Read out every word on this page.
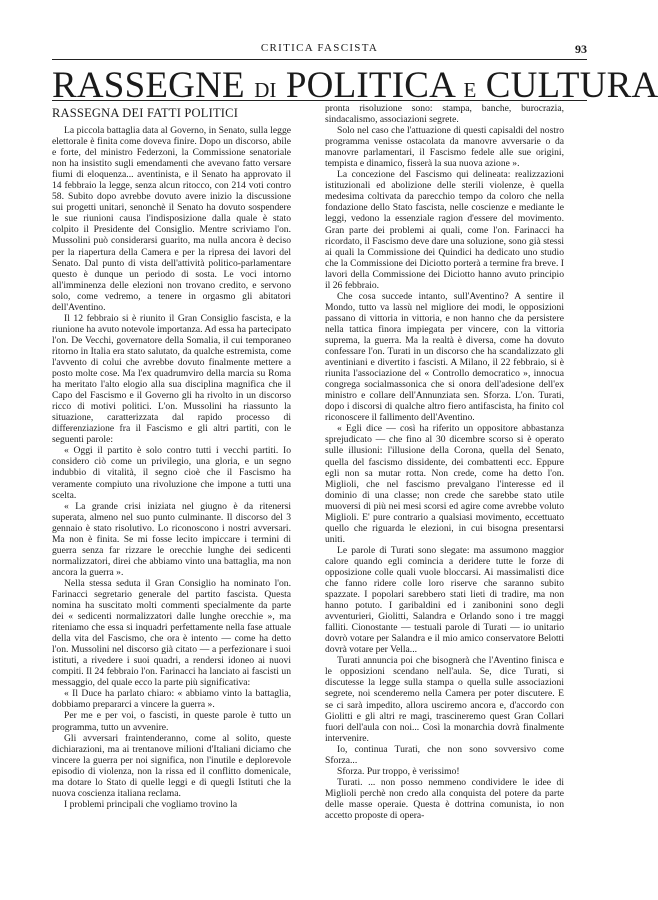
CRITICA FASCISTA	93
RASSEGNE DI POLITICA E CULTURA
RASSEGNA DEI FATTI POLITICI

La piccola battaglia data al Governo, in Senato, sulla legge elettorale è finita come doveva finire. Dopo un discorso, abile e forte, del ministro Federzoni, la Commissione senatoriale non ha insistito sugli emendamenti che avevano fatto versare fiumi di eloquenza... aventinista, e il Senato ha approvato il 14 febbraio la legge, senza alcun ritocco, con 214 voti contro 58. Subito dopo avrebbe dovuto avere inizio la discussione sui progetti unitari, senonchè il Senato ha dovuto sospendere le sue riunioni causa l'indisposizione dalla quale è stato colpito il Presidente del Consiglio. Mentre scriviamo l'on. Mussolini può considerarsi guarito, ma nulla ancora è deciso per la riapertura della Camera e per la ripresa dei lavori del Senato. Dal punto di vista dell'attività politico-parlamentare questo è dunque un periodo di sosta. Le voci intorno all'imminenza delle elezioni non trovano credito, e servono solo, come vedremo, a tenere in orgasmo gli abitatori dell'Aventino.

Il 12 febbraio si è riunito il Gran Consiglio fascista, e la riunione ha avuto notevole importanza. Ad essa ha partecipato l'on. De Vecchi, governatore della Somalia, il cui temporaneo ritorno in Italia era stato salutato, da qualche estremista, come l'avvento di colui che avrebbe dovuto finalmente mettere a posto molte cose. Ma l'ex quadrumviro della marcia su Roma ha meritato l'alto elogio alla sua disciplina magnifica che il Capo del Fascismo e il Governo gli ha rivolto in un discorso ricco di motivi politici. L'on. Mussolini ha riassunto la situazione, caratterizzata dal rapido processo di differenziazione fra il Fascismo e gli altri partiti, con le seguenti parole:

« Oggi il partito è solo contro tutti i vecchi partiti. Io considero ciò come un privilegio, una gloria, e un segno indubbio di vitalità, il segno cioè che il Fascismo ha veramente compiuto una rivoluzione che impone a tutti una scelta.

« La grande crisi iniziata nel giugno è da ritenersi superata, almeno nel suo punto culminante. Il discorso del 3 gennaio è stato risolutivo. Lo riconoscono i nostri avversari. Ma non è finita. Se mi fosse lecito impiccare i termini di guerra senza far rizzare le orecchie lunghe dei sedicenti normalizzatori, direi che abbiamo vinto una battaglia, ma non ancora la guerra ».

Nella stessa seduta il Gran Consiglio ha nominato l'on. Farinacci segretario generale del partito fascista. Questa nomina ha suscitato molti commenti specialmente da parte dei « sedicenti normalizzatori dalle lunghe orecchie », ma riteniamo che essa si inquadri perfettamente nella fase attuale della vita del Fascismo, che ora è intento — come ha detto l'on. Mussolini nel discorso già citato — a perfezionare i suoi istituti, a rivedere i suoi quadri, a rendersi idoneo ai nuovi compiti. Il 24 febbraio l'on. Farinacci ha lanciato ai fascisti un messaggio, del quale ecco la parte più significativa:

« Il Duce ha parlato chiaro: « abbiamo vinto la battaglia, dobbiamo prepararci a vincere la guerra ».

Per me e per voi, o fascisti, in queste parole è tutto un programma, tutto un avvenire.

Gli avversari fraintenderanno, come al solito, queste dichiarazioni, ma ai trentanove milioni d'Italiani diciamo che vincere la guerra per noi significa, non l'inutile e deplorevole episodio di violenza, non la rissa ed il conflitto domenicale, ma dotare lo Stato di quelle leggi e di quegli Istituti che la nuova coscienza italiana reclama.

I problemi principali che vogliamo trovino la

pronta risoluzione sono: stampa, banche, burocrazia, sindacalismo, associazioni segrete.

Solo nel caso che l'attuazione di questi capisaldi del nostro programma venisse ostacolata da manovre avversarie o da manovre parlamentari, il Fascismo fedele alle sue origini, tempista e dinamico, fisserà la sua nuova azione ».

La concezione del Fascismo qui delineata: realizzazioni istituzionali ed abolizione delle sterili violenze, è quella medesima coltivata da parecchio tempo da coloro che nella fondazione dello Stato fascista, nelle coscienze e mediante le leggi, vedono la essenziale ragion d'essere del movimento. Gran parte dei problemi ai quali, come l'on. Farinacci ha ricordato, il Fascismo deve dare una soluzione, sono già stessi ai quali la Commissione dei Quindici ha dedicato uno studio che la Commissione dei Diciotto porterà a termine fra breve. I lavori della Commissione dei Diciotto hanno avuto principio il 26 febbraio.

Che cosa succede intanto, sull'Aventino? A sentire il Mondo, tutto va lassù nel migliore dei modi, le opposizioni passano di vittoria in vittoria, e non hanno che da persistere nella tattica finora impiegata per vincere, con la vittoria suprema, la guerra. Ma la realtà è diversa, come ha dovuto confessare l'on. Turati in un discorso che ha scandalizzato gli aventiniani e divertito i fascisti. A Milano, il 22 febbraio, si è riunita l'associazione del « Controllo democratico », innocua congrega socialmassonica che si onora dell'adesione dell'ex ministro e collare dell'Annunziata sen. Sforza. L'on. Turati, dopo i discorsi di qualche altro fiero antifascista, ha finito col riconoscere il fallimento dell'Aventino.

« Egli dice — così ha riferito un oppositore abbastanza sprejudicato — che fino al 30 dicembre scorso si è operato sulle illusioni: l'illusione della Corona, quella del Senato, quella del fascismo dissidente, dei combattenti ecc. Eppure egli non sa mutar rotta. Non crede, come ha detto l'on. Miglioli, che nel fascismo prevalgano l'interesse ed il dominio di una classe; non crede che sarebbe stato utile muoversi di più nei mesi scorsi ed agire come avrebbe voluto Miglioli. E' pure contrario a qualsiasi movimento, eccettuato quello che riguarda le elezioni, in cui bisogna presentarsi uniti.

Le parole di Turati sono slegate: ma assumono maggior calore quando egli comincia a deridere tutte le forze di opposizione colle quali vuole bloccarsi. Ai massimalisti dice che fanno ridere colle loro riserve che saranno subito spazzate. I popolari sarebbero stati lieti di tradire, ma non hanno potuto. I garibaldini ed i zanibonini sono degli avventurieri, Giolitti, Salandra e Orlando sono i tre maggi falliti. Cionostante — testuali parole di Turati — io unitario dovrò votare per Salandra e il mio amico conservatore Belotti dovrà votare per Vella...

Turati annuncia poi che bisognerà che l'Aventino finisca e le opposizioni scendano nell'aula. Se, dice Turati, si discutesse la legge sulla stampa o quella sulle associazioni segrete, noi scenderemo nella Camera per poter discutere. E se ci sarà impedito, allora usciremo ancora e, d'accordo con Giolitti e gli altri re magi, trascineremo quest Gran Collari fuori dell'aula con noi... Così la monarchia dovrà finalmente intervenire.

Io, continua Turati, che non sono sovversivo come Sforza...

Sforza. Pur troppo, è verissimo!

Turati. ... non posso nemmeno condividere le idee di Miglioli perchè non credo alla conquista del potere da parte delle masse operaie. Questa è dottrina comunista, io non accetto proposte di opera-
